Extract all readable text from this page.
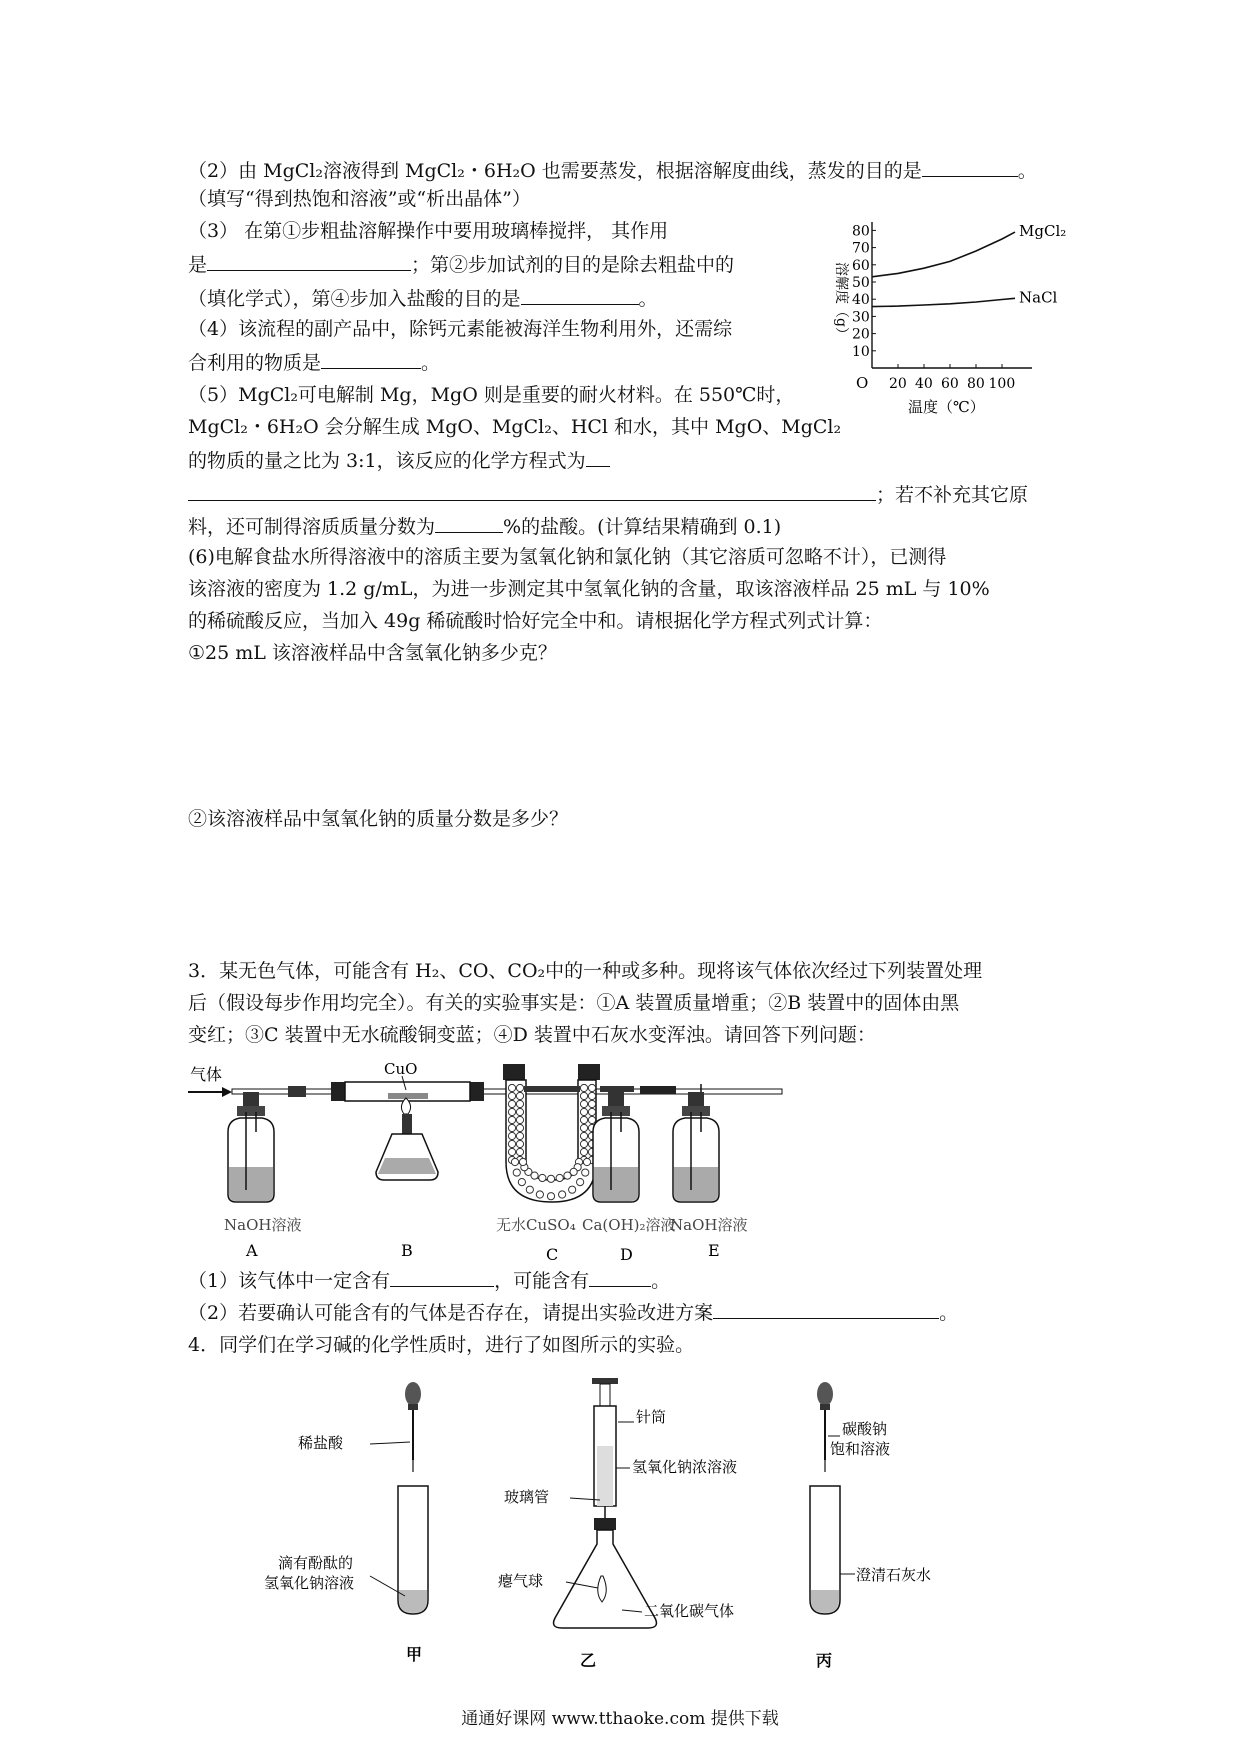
（2）由 MgCl₂溶液得到 MgCl₂・6H₂O 也需要蒸发，根据溶解度曲线，蒸发的目的是	。
（填写“得到热饱和溶液”或“析出晶体”）
（3） 在第①步粗盐溶解操作中要用玻璃棒搅拌， 其作用
是	；第②步加试剂的目的是除去粗盐中的
（填化学式），第④步加入盐酸的目的是	。
（4）该流程的副产品中，除钙元素能被海洋生物利用外，还需综
合利用的物质是	。
（5）MgCl₂可电解制 Mg，MgO 则是重要的耐火材料。在 550℃时，
MgCl₂・6H₂O 会分解生成 MgO、MgCl₂、HCl 和水，其中 MgO、MgCl₂
的物质的量之比为 3:1，该反应的化学方程式为
；若不补充其它原
料，还可制得溶质质量分数为	%的盐酸。(计算结果精确到 0.1)
(6)电解食盐水所得溶液中的溶质主要为氢氧化钠和氯化钠（其它溶质可忽略不计），已测得
该溶液的密度为 1.2 g/mL，为进一步测定其中氢氧化钠的含量，取该溶液样品 25 mL 与 10%
的稀硫酸反应，当加入 49g 稀硫酸时恰好完全中和。请根据化学方程式列式计算：
①25 mL 该溶液样品中含氢氧化钠多少克？
②该溶液样品中氢氧化钠的质量分数是多少？
80
70
60
50
40
30
20
10
20 40 60 80 100
O
溶解度（g）
温度（℃）
MgCl₂
NaCl
3．某无色气体，可能含有 H₂、CO、CO₂中的一种或多种。现将该气体依次经过下列装置处理
后（假设每步作用均完全）。有关的实验事实是：①A 装置质量增重；②B 装置中的固体由黑
变红；③C 装置中无水硫酸铜变蓝；④D 装置中石灰水变浑浊。请回答下列问题：
气体	CuO
NaOH溶液	无水CuSO₄ Ca(OH)₂溶液
NaOH溶液
A	B	C	D	E
（1）该气体中一定含有	，可能含有	。
（2）若要确认可能含有的气体是否存在，请提出实验改进方案	。
4．同学们在学习碱的化学性质时，进行了如图所示的实验。
稀盐酸
滴有酚酞的
氢氧化钠溶液
甲
针筒
玻璃管
氢氧化钠浓溶液
瘪气球
二氧化碳气体
乙
碳酸钠
饱和溶液
澄清石灰水
丙
通通好课网 www.tthaoke.com 提供下载
